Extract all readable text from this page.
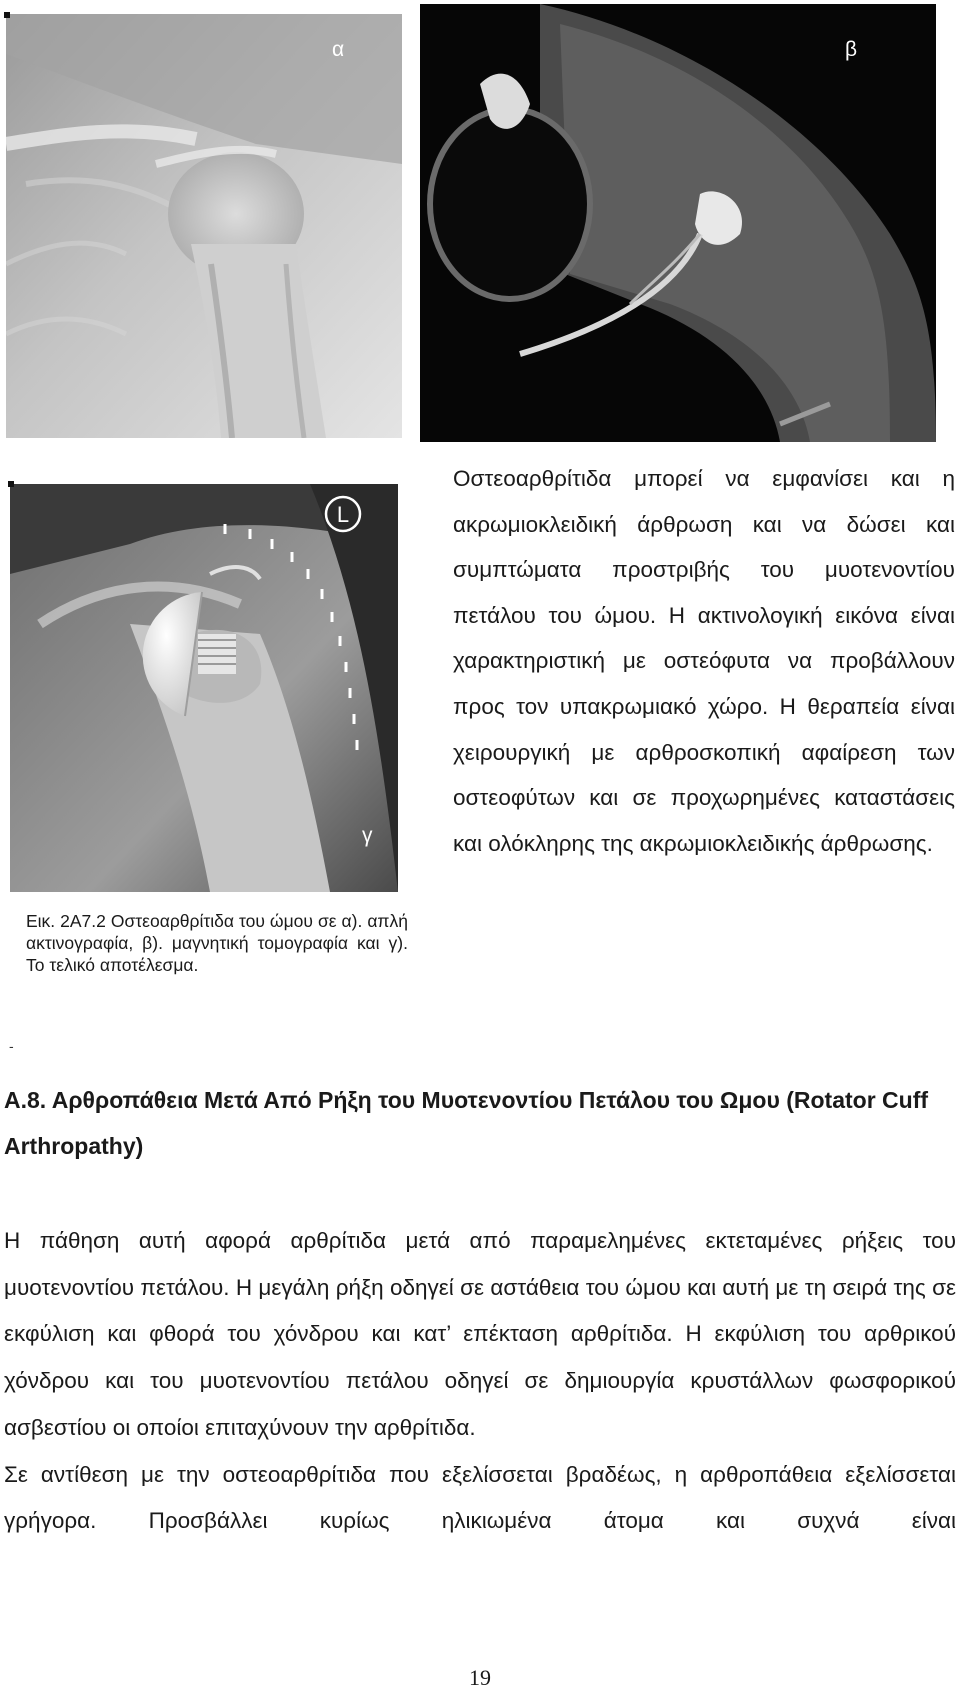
α	β
L
γ
Εικ. 2Α7.2 Οστεοαρθρίτιδα του ώμου σε α). απλή ακτινογραφία, β). μαγνητική τομογραφία και γ). Το τελικό αποτέλεσμα.
Οστεοαρθρίτιδα μπορεί να εμφανίσει και η ακρωμιοκλειδική άρθρωση και να δώσει και συμπτώματα προστριβής του μυοτενοντίου πετάλου του ώμου. Η ακτινολογική εικόνα είναι χαρακτηριστική με οστεόφυτα να προβάλλουν προς τον υπακρωμιακό χώρο. Η θεραπεία είναι χειρουργική με αρθροσκοπική αφαίρεση των οστεοφύτων και σε προχωρημένες καταστάσεις και ολόκληρης της ακρωμιοκλειδικής άρθρωσης.
-
Α.8. Αρθροπάθεια Μετά Από Ρήξη του Μυοτενοντίου Πετάλου του Ωμου (Rotator Cuff Arthropathy)

Η πάθηση αυτή αφορά αρθρίτιδα μετά από παραμελημένες εκτεταμένες ρήξεις του μυοτενοντίου πετάλου. Η μεγάλη ρήξη οδηγεί σε αστάθεια του ώμου και αυτή με τη σειρά της σε εκφύλιση και φθορά του χόνδρου και κατ’ επέκταση αρθρίτιδα. Η εκφύλιση του αρθρικού χόνδρου και του μυοτενοντίου πετάλου οδηγεί σε δημιουργία κρυστάλλων φωσφορικού ασβεστίου οι οποίοι επιταχύνουν την αρθρίτιδα.

Σε αντίθεση με την οστεοαρθρίτιδα που εξελίσσεται βραδέως, η αρθροπάθεια εξελίσσεται γρήγορα. Προσβάλλει κυρίως ηλικιωμένα άτομα και συχνά είναι

19
